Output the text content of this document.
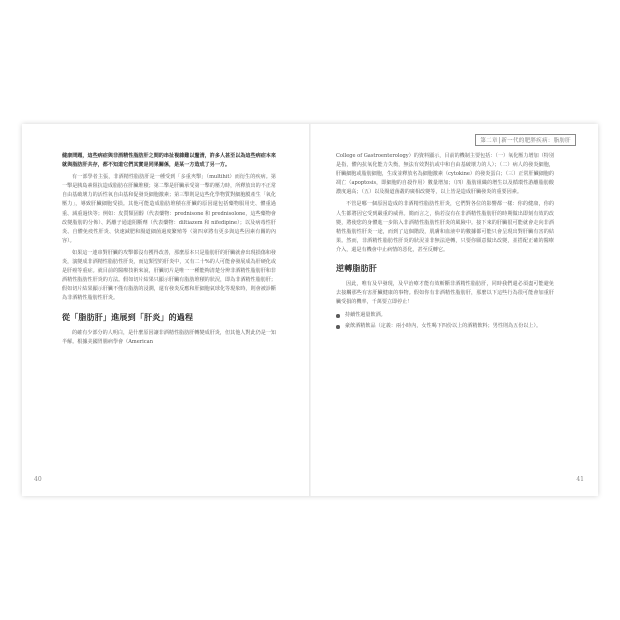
健康問題，這些病症與非酒精性脂肪肝之間的串扯複雜難以釐清，許多人甚至以為這些病症本來就與脂肪肝共存，都不知道它們其實是同果關係，是某一方造成了另一方。

有一部學者主張，非酒精性脂肪肝是一種受到「多重夾擊」（multihit）而衍生的疾病。第一擊是胰島素阻抗造成脂肪在肝臟堆積；第二擊是肝臟承受第一擊的壓力時，所釋放出的不正常自由基破壞力的活性氧自由基和促發炎細胞激素；第三擊則是這些化學物質對細胞膜產生「氧化壓力」，導致肝臟細胞受損。其他可能造成脂肪堆積在肝臟的原因還包括藥物服用史、體重過重、減重過快等；例如：皮質類固醇（代表藥物：prednisone 和 prednisolone，這些藥物會改變脂肪的分佈）、鈣離子通道阻斷劑（代表藥物：diltiazem 和 nifedipine）；以及病毒性肝炎、自體免疫性肝炎、快速減肥和腸道細菌過度繁殖等（第四章將有更多與這些因素有關的內容）。

如果這一連串對肝臟的攻擊都沒有獲得改善，那麼原本只是脂肪肝的肝臟就會出現損傷和發炎，演變成非酒精性脂肪性肝炎，而這類型的肝炎中，又有二十%的人可能會發展成為肝硬化或是肝癌等重症。就目前的醫療技術來說，肝臟切片是唯一一種能夠清楚分辨非酒精性脂肪肝和非酒精性脂肪性肝炎的方法。假如切片結果只顯示肝臟有脂肪堆積的狀況，即為非酒精性脂肪肝；假如切片結果顯示肝臟不僅有脂肪的浸潤，還有發炎反應和肝細胞氣球化等現象時，則會被診斷為非酒精性脂肪性肝炎。

從「脂肪肝」進展到「肝炎」的過程

的確有少部分的人明白，是什麼原因讓非酒精性脂肪肝轉變成肝炎，但其他人對此仍是一知半解。根據美國胃腸病學會（American

40
第二章│新一代的肥胖疾病：脂肪肝

College of Gastroenterology）的資料顯示，目前的機制主要包括：（一）氧化壓力增加（特別是指，體內抗氧化能力失衡，無法有效對抗或中和自由基破壞力的人）；（二）病人的發炎細胞，肝臟細胞或脂肪細胞，生成並釋放名為細胞激素（cytokine）的發炎蛋白；（三）正常肝臟細胞的凋亡（apoptosis，即細胞的自殺作用）數量增加；（四）脂肪組織的增生以及循環性游離脂肪酸濃度過高；（五）以及腸道菌叢的廣相改變等，以上皆是造成肝臟發炎的重要因素。

不管是哪一個原因造成的非酒精性脂肪性肝炎，它們對各位的影響都一樣：你的健康，你的人生都將因它受到嚴重的威脅。簡而言之，倘若沒有在非酒精性脂肪肝的時期做出即刻有效的改變，將使您的身體進一步陷入非酒精性脂肪性肝炎的風險中。接下來的肝臟很可能就會走向非酒精性脂肪性肝炎一途，而到了這個階段，肌膚和血液中的數據都可能只會呈現出對肝臟有害的結果。然而，非酒精性脂肪性肝炎的狀況並非無法逆轉，只要你願意做出改變，並搭配正確的醫療介入，還是有機會中止病情的惡化，甚至反轉它。

逆轉脂肪肝

因此，唯有及早發現，及早治療才能有效斬斷非酒精性脂肪肝，同時我們還必須盡可能避免去接觸那些有害肝臟健康的事物。假如你有非酒精性脂肪肝，那麼以下這些行為很可能會加重肝臟受損的機率，千萬要立即停止！

持續性過量飲酒。
豪飲酒精飲品（定義：兩小時內，女性喝下四份以上的酒精飲料；男性則為五份以上）。
41
